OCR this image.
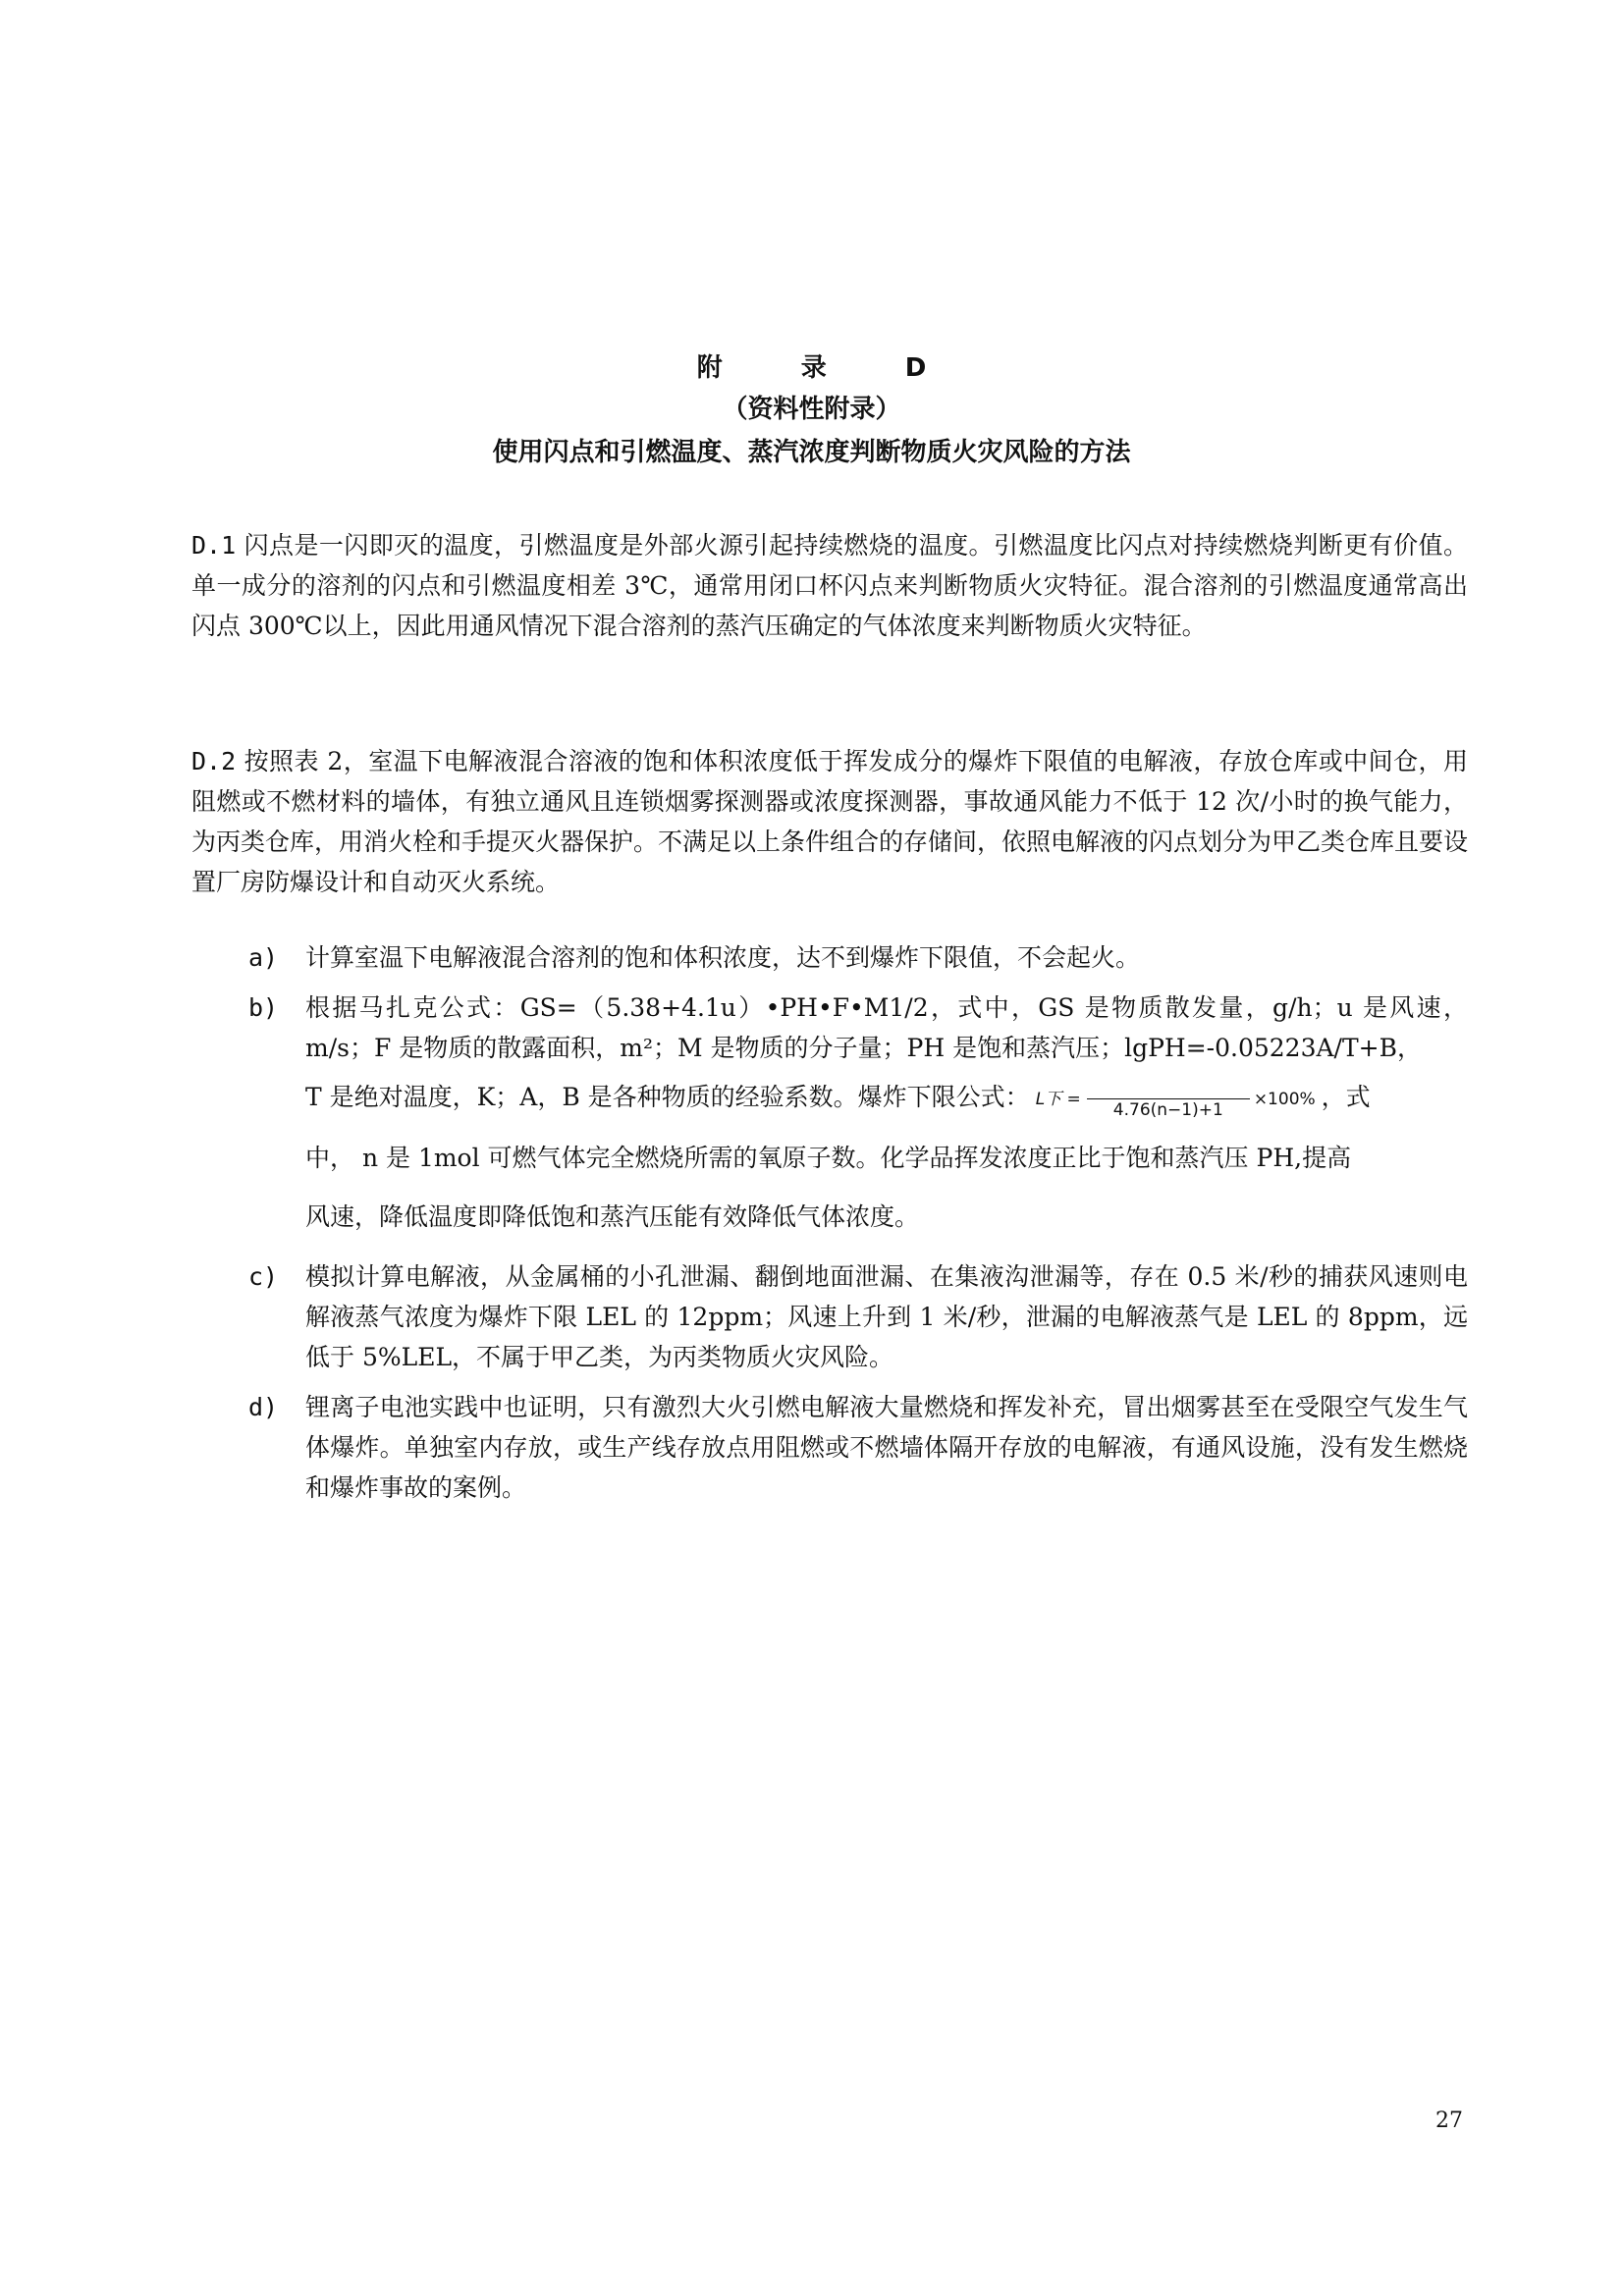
附	录	D
（资料性附录）
使用闪点和引燃温度、蒸汽浓度判断物质火灾风险的方法
D.1 闪点是一闪即灭的温度，引燃温度是外部火源引起持续燃烧的温度。引燃温度比闪点对持续燃烧判断更有价值。单一成分的溶剂的闪点和引燃温度相差 3℃，通常用闭口杯闪点来判断物质火灾特征。混合溶剂的引燃温度通常高出闪点 300℃以上，因此用通风情况下混合溶剂的蒸汽压确定的气体浓度来判断物质火灾特征。
D.2 按照表 2，室温下电解液混合溶液的饱和体积浓度低于挥发成分的爆炸下限值的电解液，存放仓库或中间仓，用阻燃或不燃材料的墙体，有独立通风且连锁烟雾探测器或浓度探测器，事故通风能力不低于 12 次/小时的换气能力，为丙类仓库，用消火栓和手提灭火器保护。不满足以上条件组合的存储间，依照电解液的闪点划分为甲乙类仓库且要设置厂房防爆设计和自动灭火系统。
a) 计算室温下电解液混合溶剂的饱和体积浓度，达不到爆炸下限值，不会起火。
b) 根据马扎克公式：GS=（5.38+4.1u）•PH•F•M1/2，式中，GS 是物质散发量，g/h；u 是风速，m/s；F 是物质的散露面积，m²；M 是物质的分子量；PH 是饱和蒸汽压；lgPH=-0.05223A/T+B，
T 是绝对温度，K；A，B 是各种物质的经验系数。爆炸下限公式： L下 =

4.76(n−1)+1
×100% ，式
中， n 是 1mol 可燃气体完全燃烧所需的氧原子数。化学品挥发浓度正比于饱和蒸汽压 PH,提高
风速，降低温度即降低饱和蒸汽压能有效降低气体浓度。
c) 模拟计算电解液，从金属桶的小孔泄漏、翻倒地面泄漏、在集液沟泄漏等，存在 0.5 米/秒的捕获风速则电解液蒸气浓度为爆炸下限 LEL 的 12ppm；风速上升到 1 米/秒，泄漏的电解液蒸气是 LEL 的 8ppm，远低于 5%LEL，不属于甲乙类，为丙类物质火灾风险。
d) 锂离子电池实践中也证明，只有激烈大火引燃电解液大量燃烧和挥发补充，冒出烟雾甚至在受限空气发生气体爆炸。单独室内存放，或生产线存放点用阻燃或不燃墙体隔开存放的电解液，有通风设施，没有发生燃烧和爆炸事故的案例。
27
